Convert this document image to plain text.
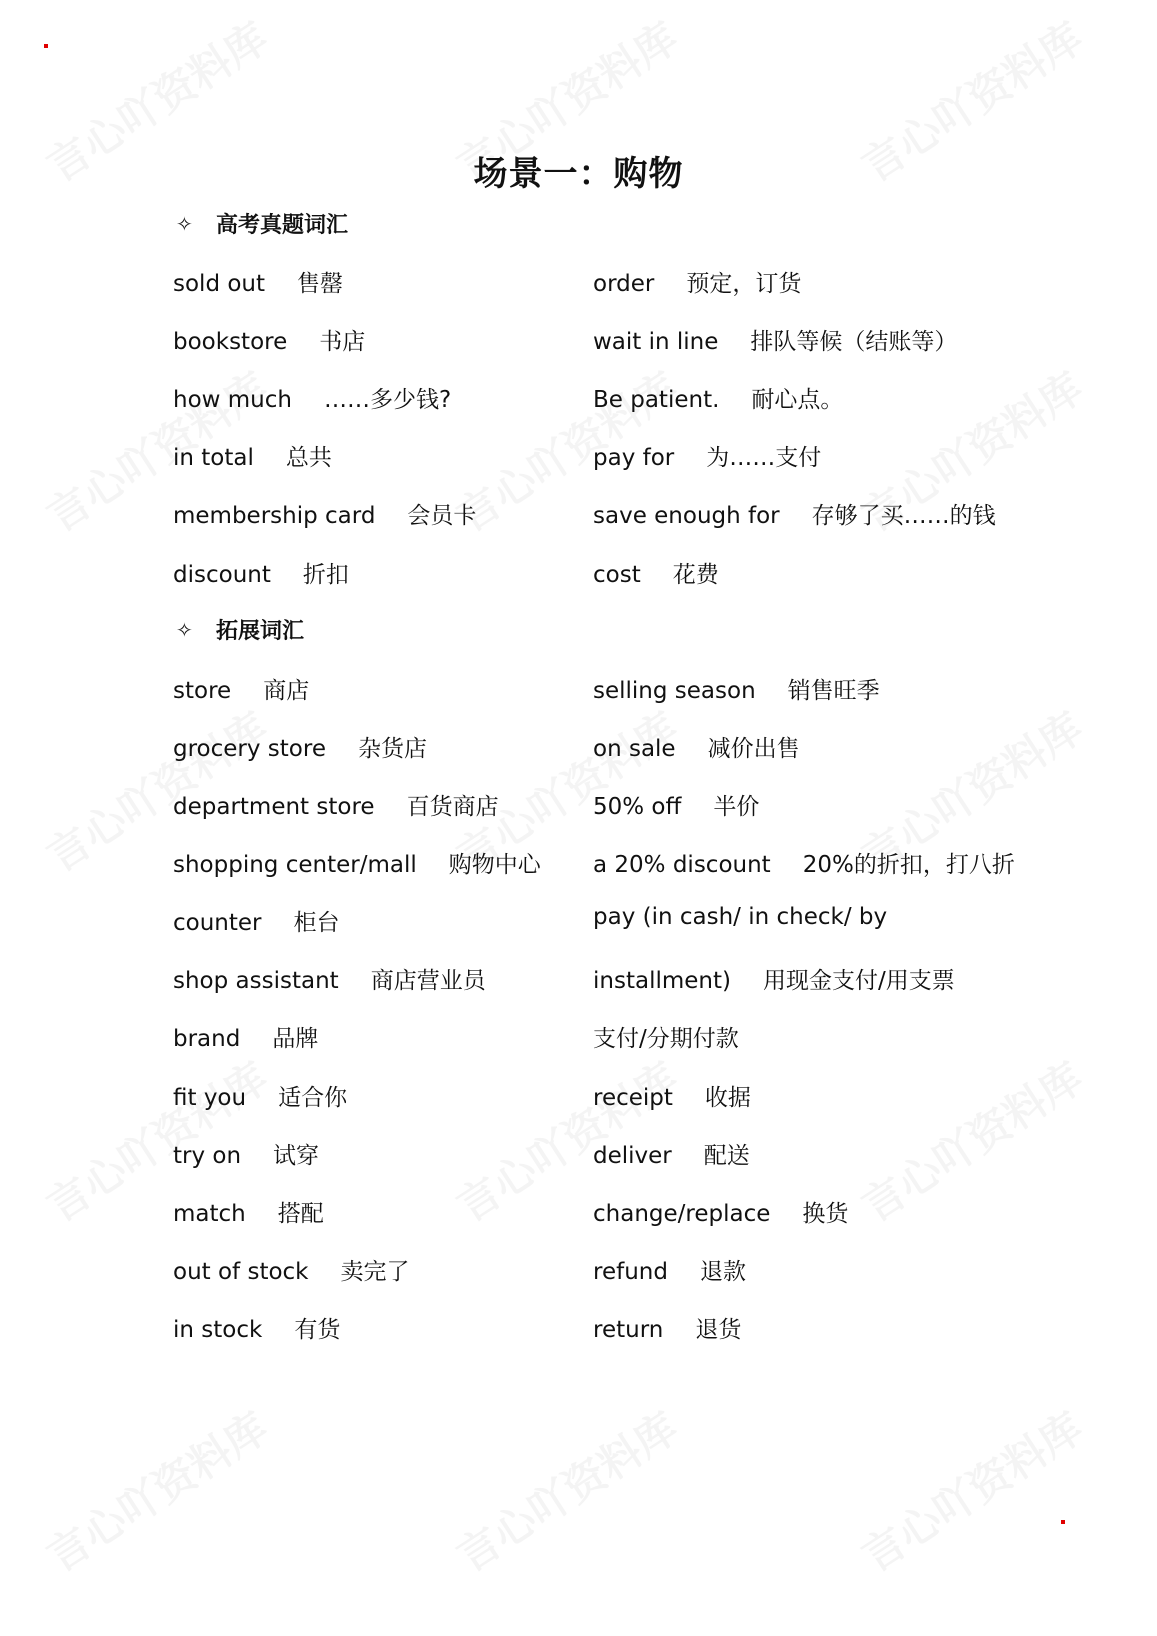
场景一：购物
✧	高考真题词汇
sold out 售罄
bookstore 书店
how much ……多少钱?
in total 总共
membership card 会员卡
discount 折扣
order 预定，订货
wait in line 排队等候（结账等）
Be patient. 耐心点。
pay for 为……支付
save enough for 存够了买……的钱
cost 花费
✧	拓展词汇
store 商店
grocery store 杂货店
department store 百货商店
shopping center/mall 购物中心
counter 柜台
shop assistant 商店营业员
brand 品牌
fit you 适合你
try on 试穿
match 搭配
out of stock 卖完了
in stock 有货
selling season 销售旺季
on sale 减价出售
50% off 半价
a 20% discount 20%的折扣，打八折
pay (in cash/ in check/ by
installment) 用现金支付/用支票
支付/分期付款
receipt 收据
deliver 配送
change/replace 换货
refund 退款
return 退货
